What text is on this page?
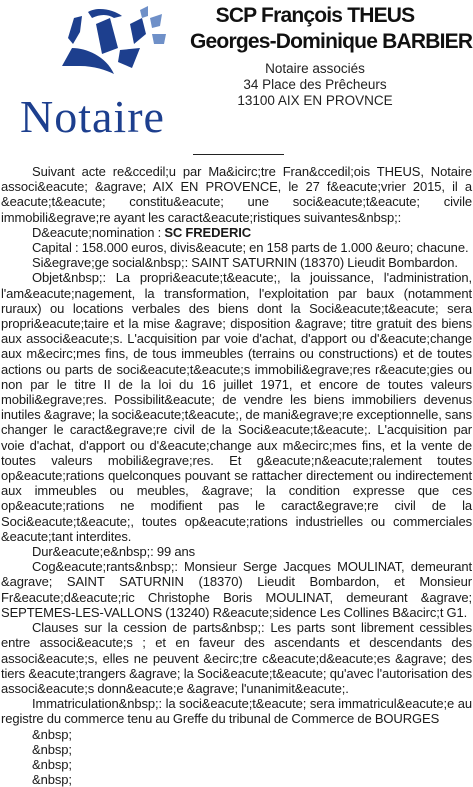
Notaire
SCP François THEUS
Georges-Dominique BARBIER
Notaire associés
34 Place des Prêcheurs
13100 AIX EN PROVNCE

Suivant acte re&ccedil;u par Ma&icirc;tre Fran&ccedil;ois THEUS, Notaire associ&eacute; &agrave; AIX EN PROVENCE, le 27 f&eacute;vrier 2015, il a &eacute;t&eacute; constitu&eacute; une soci&eacute;t&eacute; civile immobili&egrave;re ayant les caract&eacute;ristiques suivantes&nbsp;:

D&eacute;nomination : SC FREDERIC
Capital : 158.000 euros, divis&eacute; en 158 parts de 1.000 &euro; chacune.
Si&egrave;ge social&nbsp;: SAINT SATURNIN (18370) Lieudit Bombardon.

Objet&nbsp;: La propri&eacute;t&eacute;, la jouissance, l'administration, l'am&eacute;nagement, la transformation, l'exploitation par baux (notamment ruraux) ou locations verbales des biens dont la Soci&eacute;t&eacute; sera propri&eacute;taire et la mise &agrave; disposition &agrave; titre gratuit des biens aux associ&eacute;s. L'acquisition par voie d'achat, d'apport ou d'&eacute;change aux m&ecirc;mes fins, de tous immeubles (terrains ou constructions) et de toutes actions ou parts de soci&eacute;t&eacute;s immobili&egrave;res r&eacute;gies ou non par le titre II de la loi du 16 juillet 1971, et encore de toutes valeurs mobili&egrave;res. Possibilit&eacute; de vendre les biens immobiliers devenus inutiles &agrave; la soci&eacute;t&eacute;, de mani&egrave;re exceptionnelle, sans changer le caract&egrave;re civil de la Soci&eacute;t&eacute;. L'acquisition par voie d'achat, d'apport ou d'&eacute;change aux m&ecirc;mes fins, et la vente de toutes valeurs mobili&egrave;res. Et g&eacute;n&eacute;ralement toutes op&eacute;rations quelconques pouvant se rattacher directement ou indirectement aux immeubles ou meubles, &agrave; la condition expresse que ces op&eacute;rations ne modifient pas le caract&egrave;re civil de la Soci&eacute;t&eacute;, toutes op&eacute;rations industrielles ou commerciales &eacute;tant interdites.

Dur&eacute;e&nbsp;: 99 ans

Cog&eacute;rants&nbsp;: Monsieur Serge Jacques MOULINAT, demeurant &agrave; SAINT SATURNIN (18370) Lieudit Bombardon, et Monsieur Fr&eacute;d&eacute;ric Christophe Boris MOULINAT, demeurant &agrave; SEPTEMES-LES-VALLONS (13240) R&eacute;sidence Les Collines B&acirc;t G1.

Clauses sur la cession de parts&nbsp;: Les parts sont librement cessibles entre associ&eacute;s ; et en faveur des ascendants et descendants des associ&eacute;s, elles ne peuvent &ecirc;tre c&eacute;d&eacute;es &agrave; des tiers &eacute;trangers &agrave; la Soci&eacute;t&eacute; qu'avec l'autorisation des associ&eacute;s donn&eacute;e &agrave; l'unanimit&eacute;.

Immatriculation&nbsp;: la soci&eacute;t&eacute; sera immatricul&eacute;e au registre du commerce tenu au Greffe du tribunal de Commerce de BOURGES

&nbsp;
&nbsp;
&nbsp;
&nbsp;
